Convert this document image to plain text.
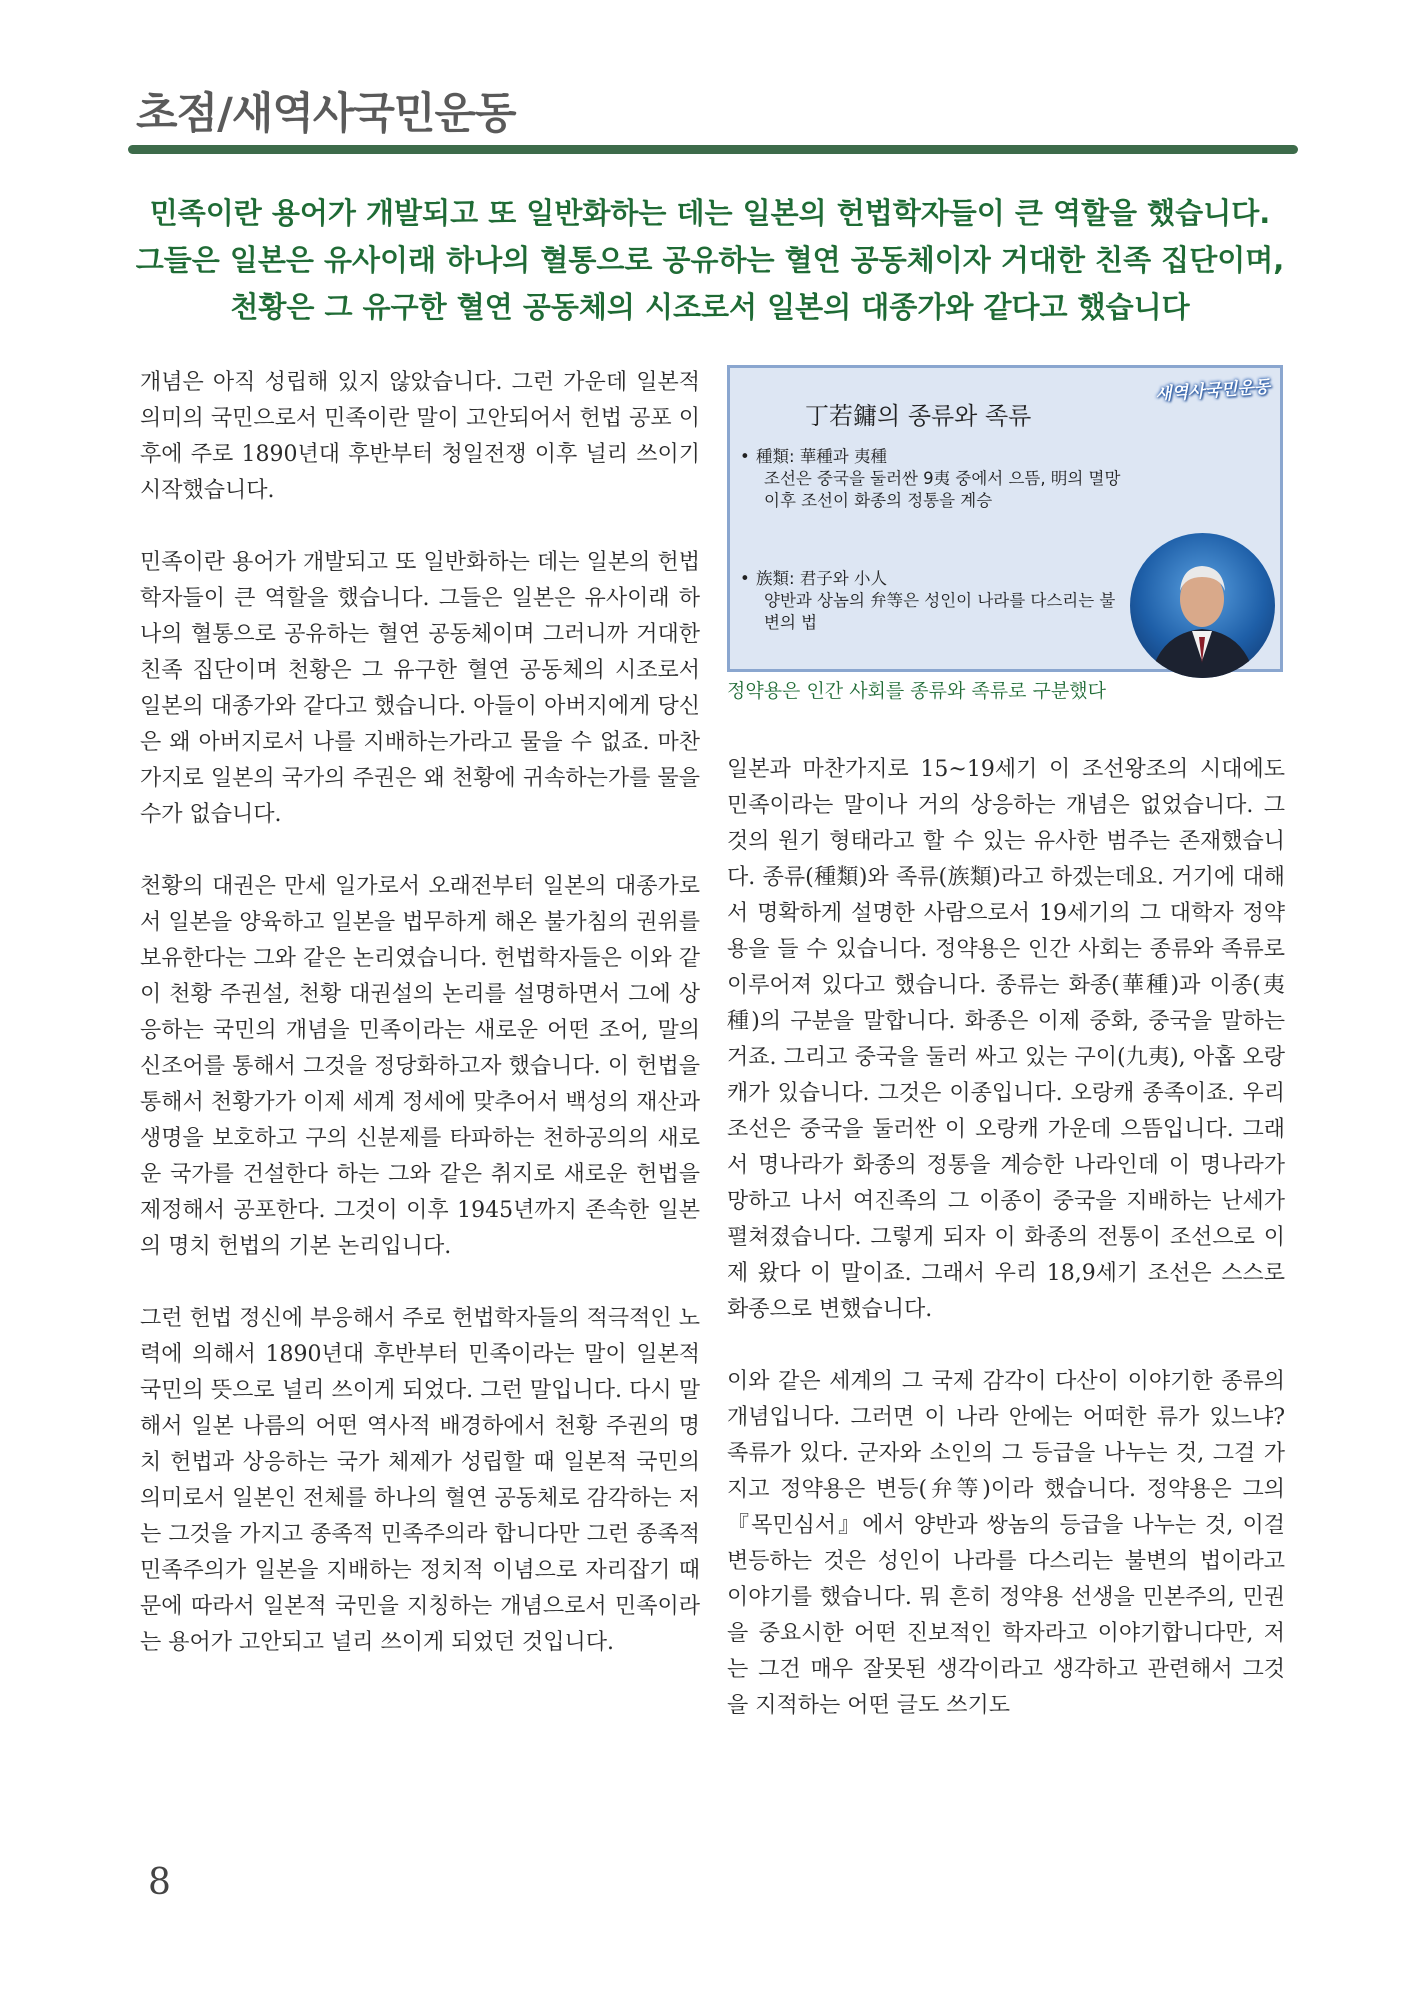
초점/새역사국민운동
민족이란 용어가 개발되고 또 일반화하는 데는 일본의 헌법학자들이 큰 역할을 했습니다.
그들은 일본은 유사이래 하나의 혈통으로 공유하는 혈연 공동체이자 거대한 친족 집단이며,
천황은 그 유구한 혈연 공동체의 시조로서 일본의 대종가와 같다고 했습니다

개념은 아직 성립해 있지 않았습니다. 그런 가운데 일본적 의미의 국민으로서 민족이란 말이 고안되어서 헌법 공포 이후에 주로 1890년대 후반부터 청일전쟁 이후 널리 쓰이기 시작했습니다.

민족이란 용어가 개발되고 또 일반화하는 데는 일본의 헌법학자들이 큰 역할을 했습니다. 그들은 일본은 유사이래 하나의 혈통으로 공유하는 혈연 공동체이며 그러니까 거대한 친족 집단이며 천황은 그 유구한 혈연 공동체의 시조로서 일본의 대종가와 같다고 했습니다. 아들이 아버지에게 당신은 왜 아버지로서 나를 지배하는가라고 물을 수 없죠. 마찬가지로 일본의 국가의 주권은 왜 천황에 귀속하는가를 물을 수가 없습니다.

천황의 대권은 만세 일가로서 오래전부터 일본의 대종가로서 일본을 양육하고 일본을 법무하게 해온 불가침의 권위를 보유한다는 그와 같은 논리였습니다. 헌법학자들은 이와 같이 천황 주권설, 천황 대권설의 논리를 설명하면서 그에 상응하는 국민의 개념을 민족이라는 새로운 어떤 조어, 말의 신조어를 통해서 그것을 정당화하고자 했습니다. 이 헌법을 통해서 천황가가 이제 세계 정세에 맞추어서 백성의 재산과 생명을 보호하고 구의 신분제를 타파하는 천하공의의 새로운 국가를 건설한다 하는 그와 같은 취지로 새로운 헌법을 제정해서 공포한다. 그것이 이후 1945년까지 존속한 일본의 명치 헌법의 기본 논리입니다.

그런 헌법 정신에 부응해서 주로 헌법학자들의 적극적인 노력에 의해서 1890년대 후반부터 민족이라는 말이 일본적 국민의 뜻으로 널리 쓰이게 되었다. 그런 말입니다. 다시 말해서 일본 나름의 어떤 역사적 배경하에서 천황 주권의 명치 헌법과 상응하는 국가 체제가 성립할 때 일본적 국민의 의미로서 일본인 전체를 하나의 혈연 공동체로 감각하는 저는 그것을 가지고 종족적 민족주의라 합니다만 그런 종족적 민족주의가 일본을 지배하는 정치적 이념으로 자리잡기 때문에 따라서 일본적 국민을 지칭하는 개념으로서 민족이라는 용어가 고안되고 널리 쓰이게 되었던 것입니다.

새역사국민운동
丁若鏞의 종류와 족류
• 種類: 華種과 夷種
조선은 중국을 둘러싼 9夷 중에서 으뜸, 明의 멸망 이후 조선이 화종의 정통을 계승
• 族類: 君子와 小人
양반과 상놈의 弁等은 성인이 나라를 다스리는 불변의 법
정약용은 인간 사회를 종류와 족류로 구분했다

일본과 마찬가지로 15~19세기 이 조선왕조의 시대에도 민족이라는 말이나 거의 상응하는 개념은 없었습니다. 그것의 원기 형태라고 할 수 있는 유사한 범주는 존재했습니다. 종류(種類)와 족류(族類)라고 하겠는데요. 거기에 대해서 명확하게 설명한 사람으로서 19세기의 그 대학자 정약용을 들 수 있습니다. 정약용은 인간 사회는 종류와 족류로 이루어져 있다고 했습니다. 종류는 화종(華種)과 이종(夷種)의 구분을 말합니다. 화종은 이제 중화, 중국을 말하는 거죠. 그리고 중국을 둘러 싸고 있는 구이(九夷), 아홉 오랑캐가 있습니다. 그것은 이종입니다. 오랑캐 종족이죠. 우리 조선은 중국을 둘러싼 이 오랑캐 가운데 으뜸입니다. 그래서 명나라가 화종의 정통을 계승한 나라인데 이 명나라가 망하고 나서 여진족의 그 이종이 중국을 지배하는 난세가 펼쳐졌습니다. 그렇게 되자 이 화종의 전통이 조선으로 이제 왔다 이 말이죠. 그래서 우리 18,9세기 조선은 스스로 화종으로 변했습니다.

이와 같은 세계의 그 국제 감각이 다산이 이야기한 종류의 개념입니다. 그러면 이 나라 안에는 어떠한 류가 있느냐? 족류가 있다. 군자와 소인의 그 등급을 나누는 것, 그걸 가지고 정약용은 변등(弁等)이라 했습니다. 정약용은 그의 『목민심서』에서 양반과 쌍놈의 등급을 나누는 것, 이걸 변등하는 것은 성인이 나라를 다스리는 불변의 법이라고 이야기를 했습니다. 뭐 흔히 정약용 선생을 민본주의, 민권을 중요시한 어떤 진보적인 학자라고 이야기합니다만, 저는 그건 매우 잘못된 생각이라고 생각하고 관련해서 그것을 지적하는 어떤 글도 쓰기도

8
